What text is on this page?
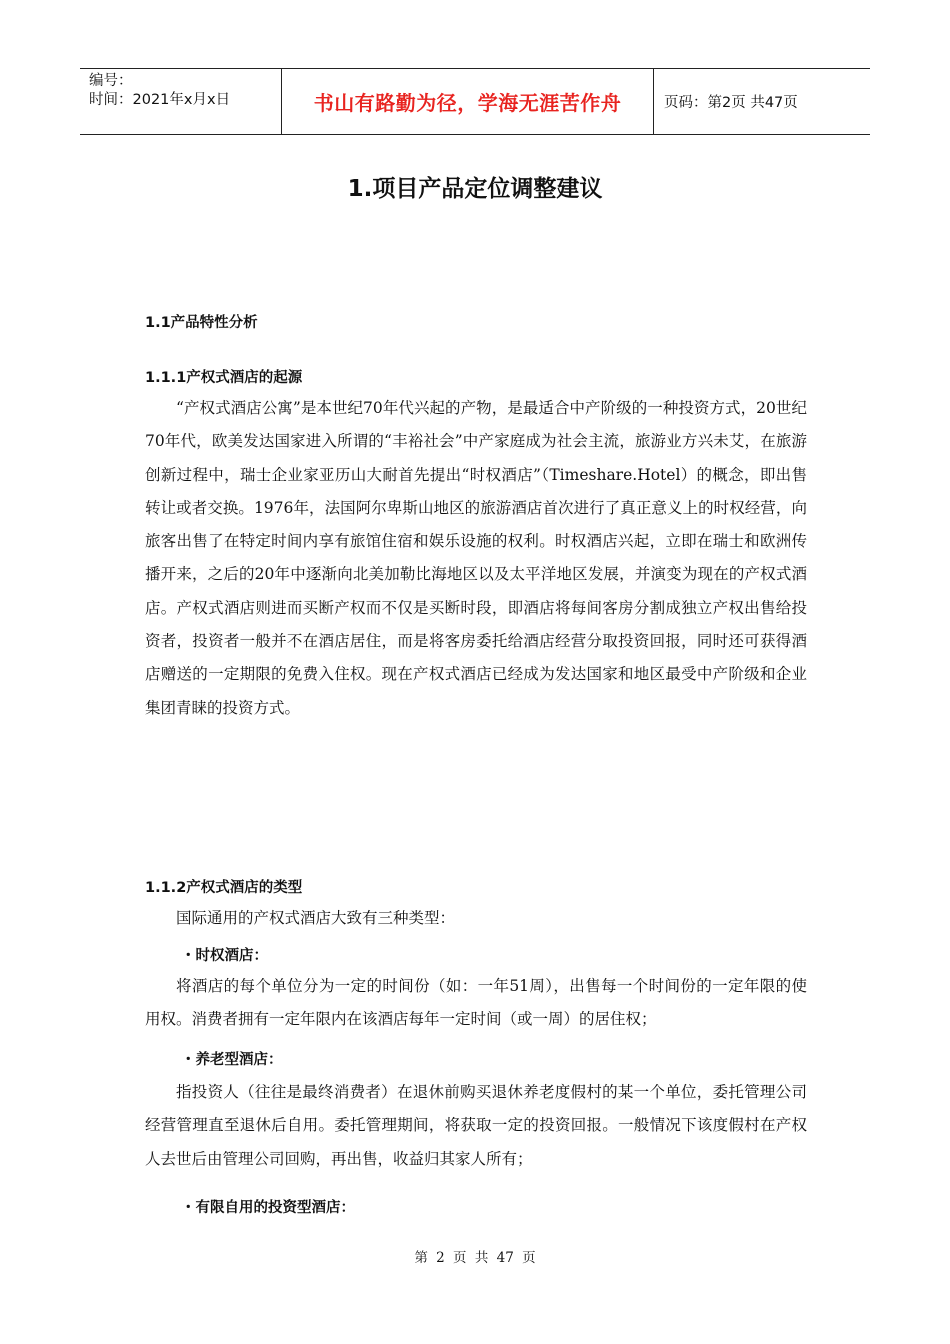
编号：
时间：2021年x月x日	书山有路勤为径，学海无涯苦作舟	页码：第2页 共47页
1.项目产品定位调整建议
1.1产品特性分析
1.1.1产权式酒店的起源

“产权式酒店公寓”是本世纪70年代兴起的产物，是最适合中产阶级的一种投资方式，20世纪70年代，欧美发达国家进入所谓的“丰裕社会”中产家庭成为社会主流，旅游业方兴未艾，在旅游创新过程中，瑞士企业家亚历山大耐首先提出“时权酒店”（Timeshare.Hotel）的概念，即出售转让或者交换。1976年，法国阿尔卑斯山地区的旅游酒店首次进行了真正意义上的时权经营，向旅客出售了在特定时间内享有旅馆住宿和娱乐设施的权利。时权酒店兴起，立即在瑞士和欧洲传播开来，之后的20年中逐渐向北美加勒比海地区以及太平洋地区发展，并演变为现在的产权式酒店。产权式酒店则进而买断产权而不仅是买断时段，即酒店将每间客房分割成独立产权出售给投资者，投资者一般并不在酒店居住，而是将客房委托给酒店经营分取投资回报，同时还可获得酒店赠送的一定期限的免费入住权。现在产权式酒店已经成为发达国家和地区最受中产阶级和企业集团青睐的投资方式。

1.1.2产权式酒店的类型

国际通用的产权式酒店大致有三种类型：

・时权酒店：

将酒店的每个单位分为一定的时间份（如：一年51周），出售每一个时间份的一定年限的使用权。消费者拥有一定年限内在该酒店每年一定时间（或一周）的居住权；

・养老型酒店：

指投资人（往往是最终消费者）在退休前购买退休养老度假村的某一个单位，委托管理公司经营管理直至退休后自用。委托管理期间，将获取一定的投资回报。一般情况下该度假村在产权人去世后由管理公司回购，再出售，收益归其家人所有；

・有限自用的投资型酒店：
第 2 页 共 47 页
